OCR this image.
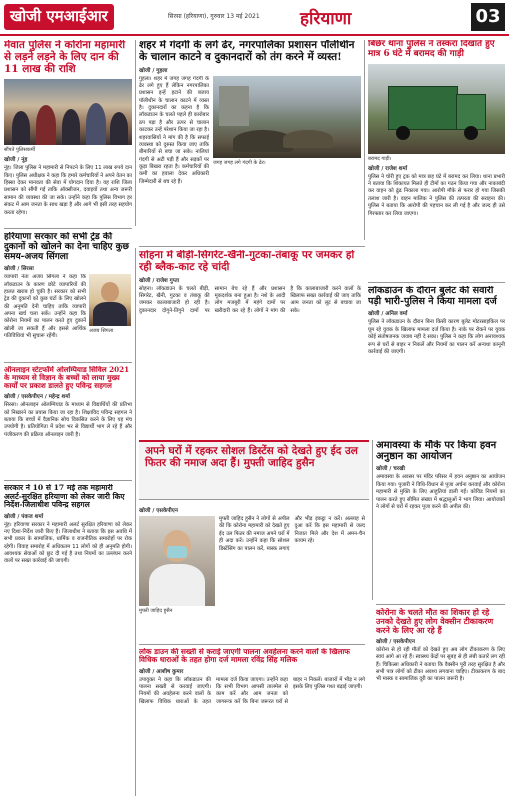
खोजी एमआईआर	सिरसा (हरियाणा), गुरुवार 13 मई 2021 हरियाणा	03
मेवात पुलिस ने कोरोना महामारी से लड़ने लड़ने के लिए दान की 11 लाख की राशि
सौंपते पुलिसकर्मी
खोजी / नूंह
नूंह। जिला पुलिस ने महामारी से निपटने के लिए 11 लाख रुपये दान किए। पुलिस अधीक्षक ने कहा कि हमारे कर्मचारियों ने अपने वेतन का हिस्सा देकर मानवता की सेवा में योगदान दिया है। यह राशि जिला प्रशासन को सौंपी गई ताकि ऑक्सीजन, दवाइयों तथा अन्य जरूरी सामान की व्यवस्था की जा सके। उन्होंने कहा कि पुलिस विभाग हर संकट में आम जनता के साथ खड़ा है और आगे भी इसी तरह सहयोग करता रहेगा।
शहर में गंदगी के लगे ढेर, नगरपालिका प्रशासन पॉलीथीन के चालान काटने व दुकानदारों को तंग करने में व्यस्त!
खोजी / गुहला
गुहला। शहर में जगह जगह गंदगी के ढेर लगे हुए हैं लेकिन नगरपालिका प्रशासन इन्हें हटाने की बजाय पॉलीथीन के चालान काटने में व्यस्त है। दुकानदारों का कहना है कि लॉकडाउन के चलते पहले ही कारोबार ठप पड़ा है और ऊपर से चालान काटकर उन्हें परेशान किया जा रहा है। शहरवासियों ने मांग की है कि सफाई व्यवस्था को दुरुस्त किया जाए ताकि बीमारियों से बचा जा सके। नालियां गंदगी से अटी पड़ी हैं और सड़कों पर कूड़ा बिखरा रहता है। कर्मचारियों की कमी का हवाला देकर अधिकारी जिम्मेदारी से बच रहे हैं।
जगह जगह लगे गंदगी के ढेर।
बिछेर थाना पुलिस ने तस्करा दिखाते हुए मात्र 6 घंटे में बरामद की गाड़ी
बरामद गाड़ी।
खोजी / राजेश शर्मा
पुलिस ने चोरी हुए ट्रक को मात्र छह घंटे में बरामद कर लिया। थाना प्रभारी ने बताया कि शिकायत मिलते ही टीमों का गठन किया गया और नाकाबंदी कर वाहन को ढूंढ निकाला गया। आरोपी मौके से फरार हो गया जिसकी तलाश जारी है। वाहन मालिक ने पुलिस की तत्परता की सराहना की। पुलिस ने बताया कि आरोपी की पहचान कर ली गई है और जल्द ही उसे गिरफ्तार कर लिया जाएगा।
हरियाणा सरकार को सभी ट्रेड की दुकानों को खोलने का देना चाहिए कुछ समय-अजय सिंगला
खोजी / सिरसा
व्यापारी नेता अजय सिंगला ने कहा कि लॉकडाउन के कारण छोटे व्यापारियों की हालत खराब हो चुकी है। सरकार को सभी ट्रेड की दुकानों को कुछ घंटों के लिए खोलने की अनुमति देनी चाहिए ताकि व्यापारी अपना खर्च चला सकें। उन्होंने कहा कि कोरोना नियमों का पालन करते हुए दुकानें खोली जा सकती हैं और इससे आर्थिक गतिविधियां भी सुचारू रहेंगी।
अजय सिंगला
ऑनलाइन स्टेटफॉर्म ओलम्पियाड सिविल 2021 के माध्यम से विज्ञान के बच्चों को लाया मुख्य कार्यों पर प्रकाश डालते हुए पविन्द्र सहगल
खोजी / एसकेपीएन / महेन्द्र शर्मा
सिरसा। ऑनलाइन ओलम्पियाड के माध्यम से विद्यार्थियों की प्रतिभा को निखारने का प्रयास किया जा रहा है। शिक्षाविद पविन्द्र सहगल ने बताया कि बच्चों में वैज्ञानिक सोच विकसित करने के लिए यह मंच उपयोगी है। प्रतियोगिता में प्रदेश भर से विद्यार्थी भाग ले रहे हैं और पंजीकरण की प्रक्रिया ऑनलाइन जारी है।
सरकार ने 10 से 17 मई तक महामारी अलर्ट-सुरक्षित हरियाणा को लेकर जारी किए निर्देश-जिलाधीश पविन्द्र सहगल
खोजी / पंकज शर्मा
नूंह। हरियाणा सरकार ने महामारी अलर्ट सुरक्षित हरियाणा को लेकर नए दिशा-निर्देश जारी किए हैं। जिलाधीश ने बताया कि इस अवधि में सभी प्रकार के सामाजिक, धार्मिक व राजनीतिक समारोहों पर रोक रहेगी। विवाह समारोह में अधिकतम 11 लोगों को ही अनुमति होगी। आवश्यक सेवाओं को छूट दी गई है तथा नियमों का उल्लंघन करने वालों पर सख्त कार्रवाई की जाएगी।
सोहना में बीड़ी-सिगरेट-खैनी-गुटका-तंबाकू पर जमकर हो रही ब्लैक-काट रहे चांदी
खोजी / राजेश गुप्ता
सोहना। लॉकडाउन के चलते बीड़ी, सिगरेट, खैनी, गुटका व तंबाकू की जमकर कालाबाजारी हो रही है। दुकानदार दोगुने-तिगुने दामों पर सामान बेच रहे हैं और प्रशासन मूकदर्शक बना हुआ है। नशे के आदी लोग मजबूरी में महंगे दामों पर खरीदारी कर रहे हैं। लोगों ने मांग की है कि कालाबाजारी करने वालों के खिलाफ सख्त कार्रवाई की जाए ताकि आम जनता को लूट से बचाया जा सके।
लॉकडाउन के दौरान बुलेट की सवारी पड़ी भारी-पुलिस ने किया मामला दर्ज
खोजी / अनिल वर्मा
पुलिस ने लॉकडाउन के दौरान बिना किसी कारण बुलेट मोटरसाइकिल पर घूम रहे युवक के खिलाफ मामला दर्ज किया है। नाके पर रोकने पर युवक कोई संतोषजनक जवाब नहीं दे सका। पुलिस ने कहा कि लोग अनावश्यक रूप से घरों से बाहर न निकलें और नियमों का पालन करें अन्यथा कानूनी कार्रवाई की जाएगी।
अपने घरों में रहकर सोशल डिस्टेंस को देखते हुए ईद उल फितर की नमाज अदा हैं। मुफ्ती जाहिद हुसैन
खोजी / एसकेपीएन
मुफ्ती जाहिद हुसैन
मुफ्ती जाहिद हुसैन ने लोगों से अपील की कि कोरोना महामारी को देखते हुए ईद उल फितर की नमाज अपने घरों में ही अदा करें। उन्होंने कहा कि सोशल डिस्टेंसिंग का पालन करें, मास्क लगाएं और भीड़ इकट्ठा न करें। अल्लाह से दुआ करें कि इस महामारी से जल्द निजात मिले और देश में अमन-चैन कायम रहे।
अमावस्या के मौके पर किया हवन अनुष्ठान का आयोजन
खोजी / चरखी
अमावस्या के अवसर पर मंदिर परिसर में हवन अनुष्ठान का आयोजन किया गया। पुजारी ने विधि-विधान से पूजा अर्चना करवाई और कोरोना महामारी से मुक्ति के लिए आहुतियां डाली गईं। कोविड नियमों का पालन करते हुए सीमित संख्या में श्रद्धालुओं ने भाग लिया। आयोजकों ने लोगों से घरों में रहकर पूजा करने की अपील की।
लोक डाउन की सख्ती से कराई जाएगी पालना अवहेलना करने वालों के खिलाफ विधिक धाराओं के तहत होगा दर्ज मामला रविंद्र सिंह मलिक
खोजी / आशीष कुमार
उपायुक्त ने कहा कि लॉकडाउन की पालना सख्ती से करवाई जाएगी। नियमों की अवहेलना करने वालों के खिलाफ विधिक धाराओं के तहत मामला दर्ज किया जाएगा। उन्होंने कहा कि सभी विभाग आपसी तालमेल से काम करें और आम जनता को जागरूक करें कि बिना जरूरत घरों से बाहर न निकलें। बाजारों में भीड़ न लगे इसके लिए पुलिस गश्त बढ़ाई जाएगी।
कोरोना के चलते मौत का शिकार हो रहे उनको देखते हुए लोग वेक्सीन टीकाकरण करने के लिए आ रहे हैं
खोजी / एसकेपीएन
कोरोना से हो रही मौतों को देखते हुए अब लोग टीकाकरण के लिए स्वयं आगे आ रहे हैं। स्वास्थ्य केंद्रों पर सुबह से ही लंबी कतारें लग रही हैं। चिकित्सा अधिकारी ने बताया कि वैक्सीन पूरी तरह सुरक्षित है और सभी पात्र लोगों को टीका अवश्य लगवाना चाहिए। टीकाकरण के बाद भी मास्क व सामाजिक दूरी का पालन जरूरी है।
